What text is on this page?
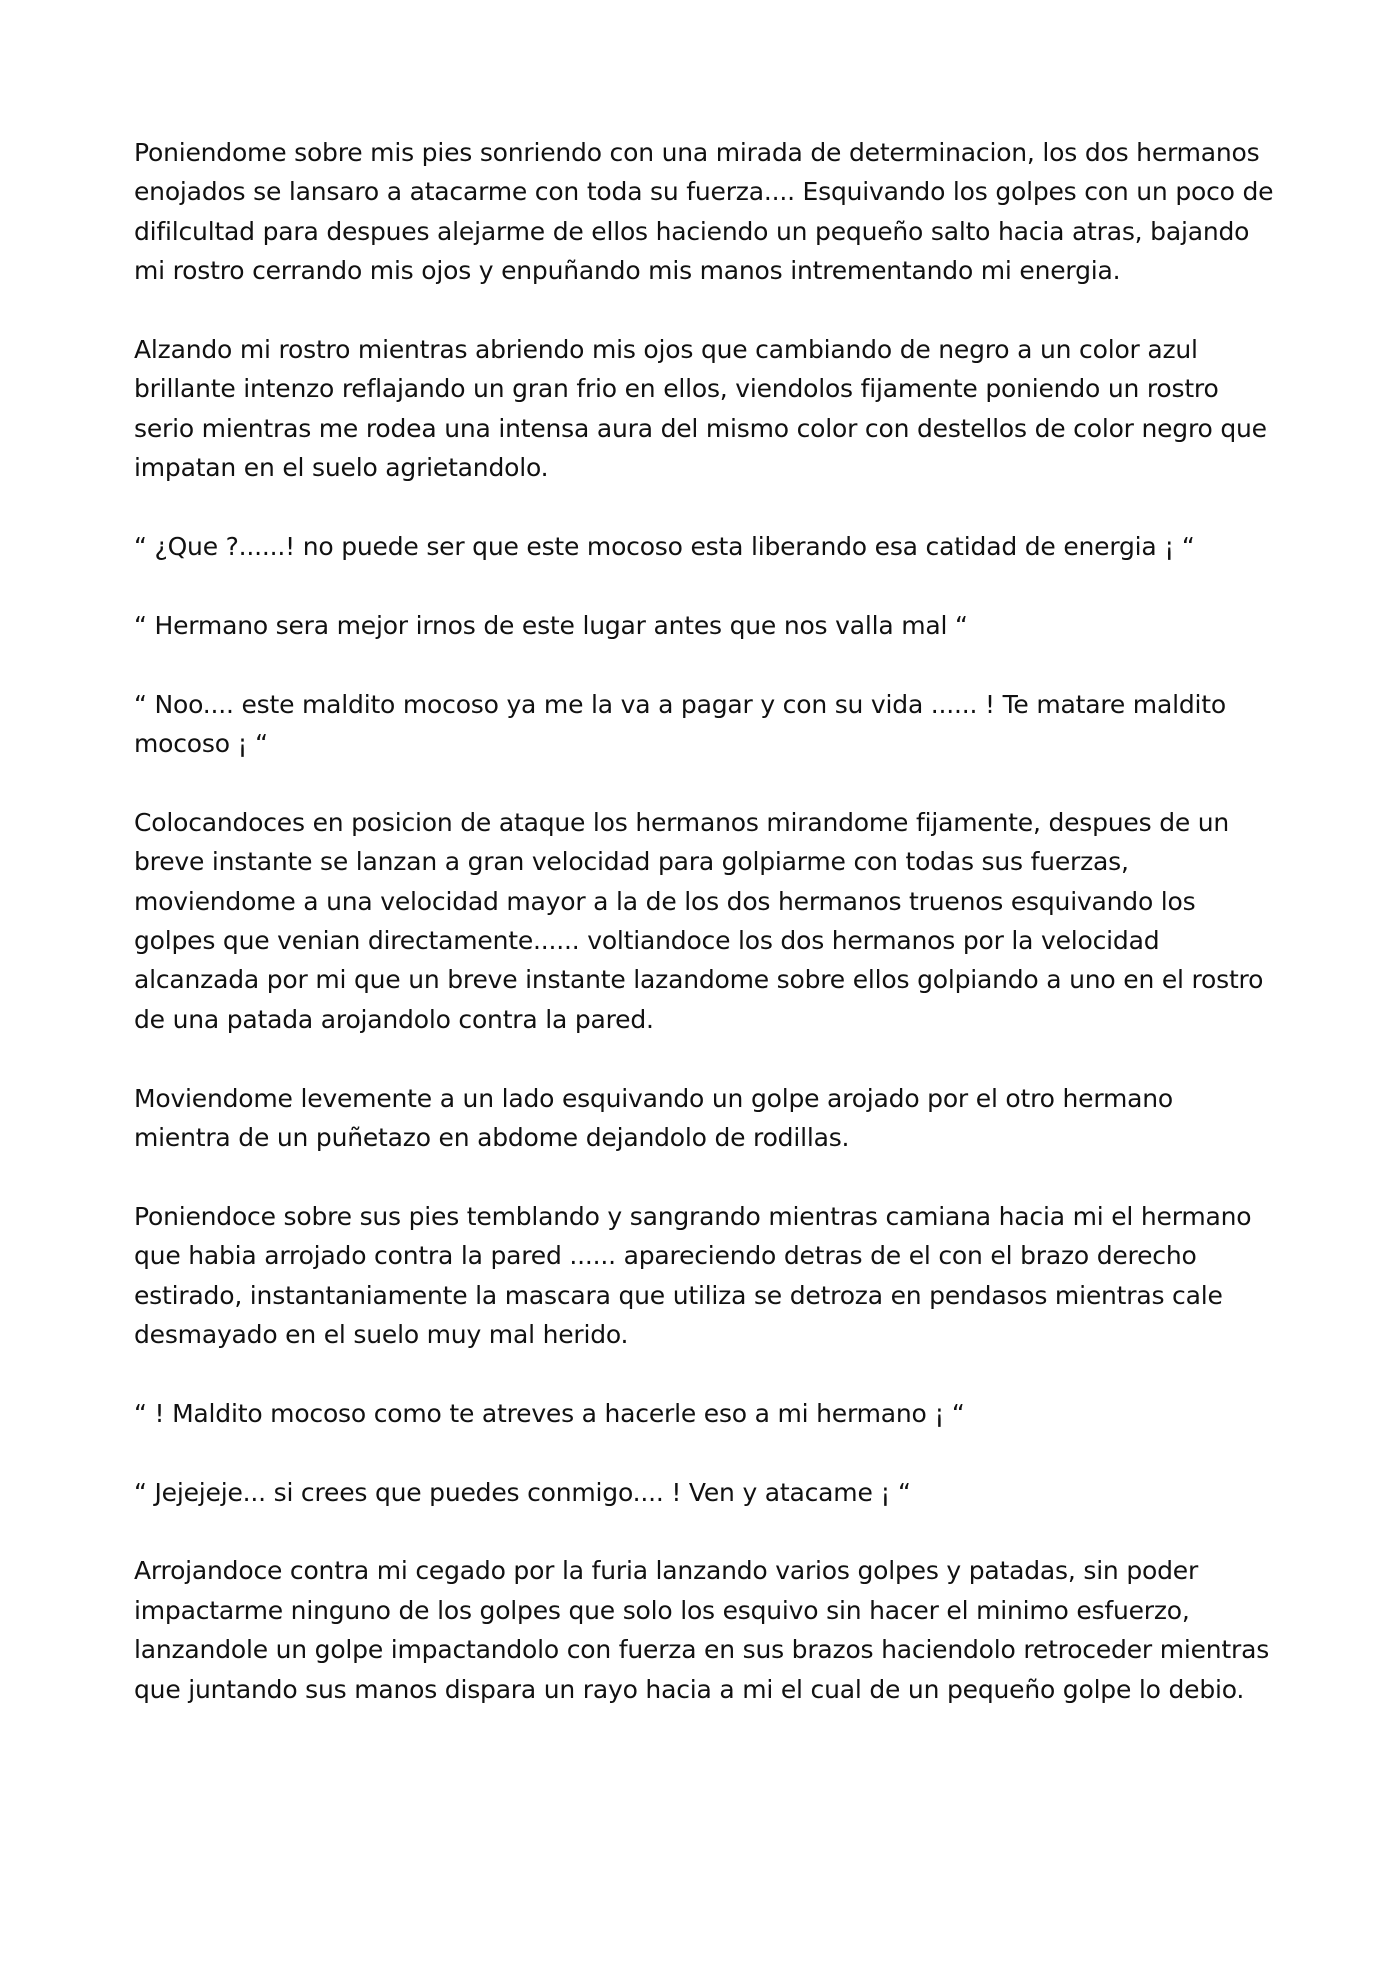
Poniendome sobre mis pies sonriendo con una mirada de determinacion, los dos hermanos enojados se lansaro a atacarme con toda su fuerza.... Esquivando los golpes con un poco de difilcultad para despues alejarme de ellos haciendo un pequeño salto hacia atras, bajando mi rostro cerrando mis ojos y enpuñando mis manos intrementando mi energia.

Alzando mi rostro mientras abriendo mis ojos que cambiando de negro a un color azul brillante intenzo reflajando un gran frio en ellos, viendolos fijamente poniendo un rostro serio mientras me rodea una intensa aura del mismo color con destellos de color negro que impatan en el suelo agrietandolo.

“ ¿Que ?......! no puede ser que este mocoso esta liberando esa catidad de energia ¡ “

“ Hermano sera mejor irnos de este lugar antes que nos valla mal “

“ Noo.... este maldito mocoso ya me la va a pagar y con su vida ...... ! Te matare maldito mocoso ¡ “

Colocandoces en posicion de ataque los hermanos mirandome fijamente, despues de un breve instante se lanzan a gran velocidad para golpiarme con todas sus fuerzas, moviendome a una velocidad mayor a la de los dos hermanos truenos esquivando los golpes que venian directamente...... voltiandoce los dos hermanos por la velocidad alcanzada por mi que un breve instante lazandome sobre ellos golpiando a uno en el rostro de una patada arojandolo contra la pared.

Moviendome levemente a un lado esquivando un golpe arojado por el otro hermano mientra de un puñetazo en abdome dejandolo de rodillas.

Poniendoce sobre sus pies temblando y sangrando mientras camiana hacia mi el hermano que habia arrojado contra la pared ...... apareciendo detras de el con el brazo derecho estirado, instantaniamente la mascara que utiliza se detroza en pendasos mientras cale desmayado en el suelo muy mal herido.

“ ! Maldito mocoso como te atreves a hacerle eso a mi hermano ¡ “

“ Jejejeje... si crees que puedes conmigo.... ! Ven y atacame ¡ “

Arrojandoce contra mi cegado por la furia lanzando varios golpes y patadas, sin poder impactarme ninguno de los golpes que solo los esquivo sin hacer el minimo esfuerzo, lanzandole un golpe impactandolo con fuerza en sus brazos haciendolo retroceder mientras que juntando sus manos dispara un rayo hacia a mi el cual de un pequeño golpe lo debio.
